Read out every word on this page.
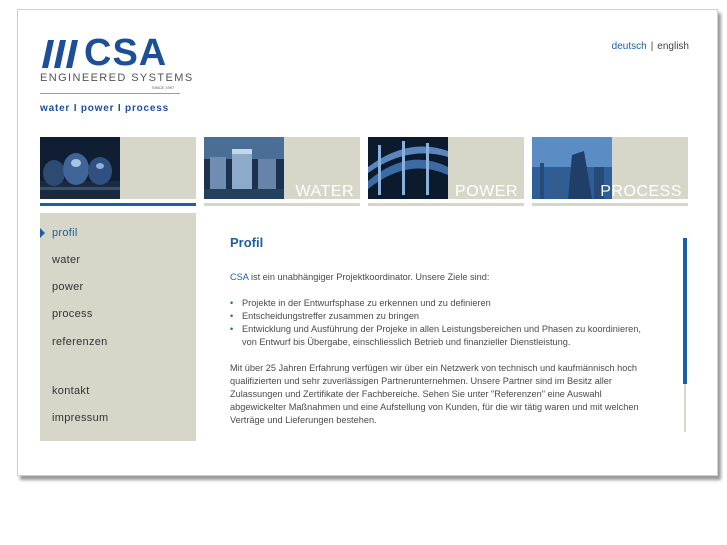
CSA
ENGINEERED SYSTEMS
SINCE 1997
water I power I process
deutsch | english
WATER	POWER	PROCESS
profil
water
power
process
referenzen
kontakt
impressum
Profil

CSA ist ein unabhängiger Projektkoordinator. Unsere Ziele sind:

• Projekte in der Entwurfsphase zu erkennen und zu definieren
• Entscheidungstreffer zusammen zu bringen
• Entwicklung und Ausführung der Projeke in allen Leistungsbereichen und Phasen zu koordinieren, von Entwurf bis Übergabe, einschliesslich Betrieb und finanzieller Dienstleistung.

Mit über 25 Jahren Erfahrung verfügen wir über ein Netzwerk von technisch und kaufmännisch hoch qualifizierten und sehr zuverlässigen Partnerunternehmen. Unsere Partner sind im Besitz aller Zulassungen und Zertifikate der Fachbereiche. Sehen Sie unter "Referenzen" eine Auswahl abgewickelter Maßnahmen und eine Aufstellung von Kunden, für die wir tätig waren und mit welchen Verträge und Lieferungen bestehen.
